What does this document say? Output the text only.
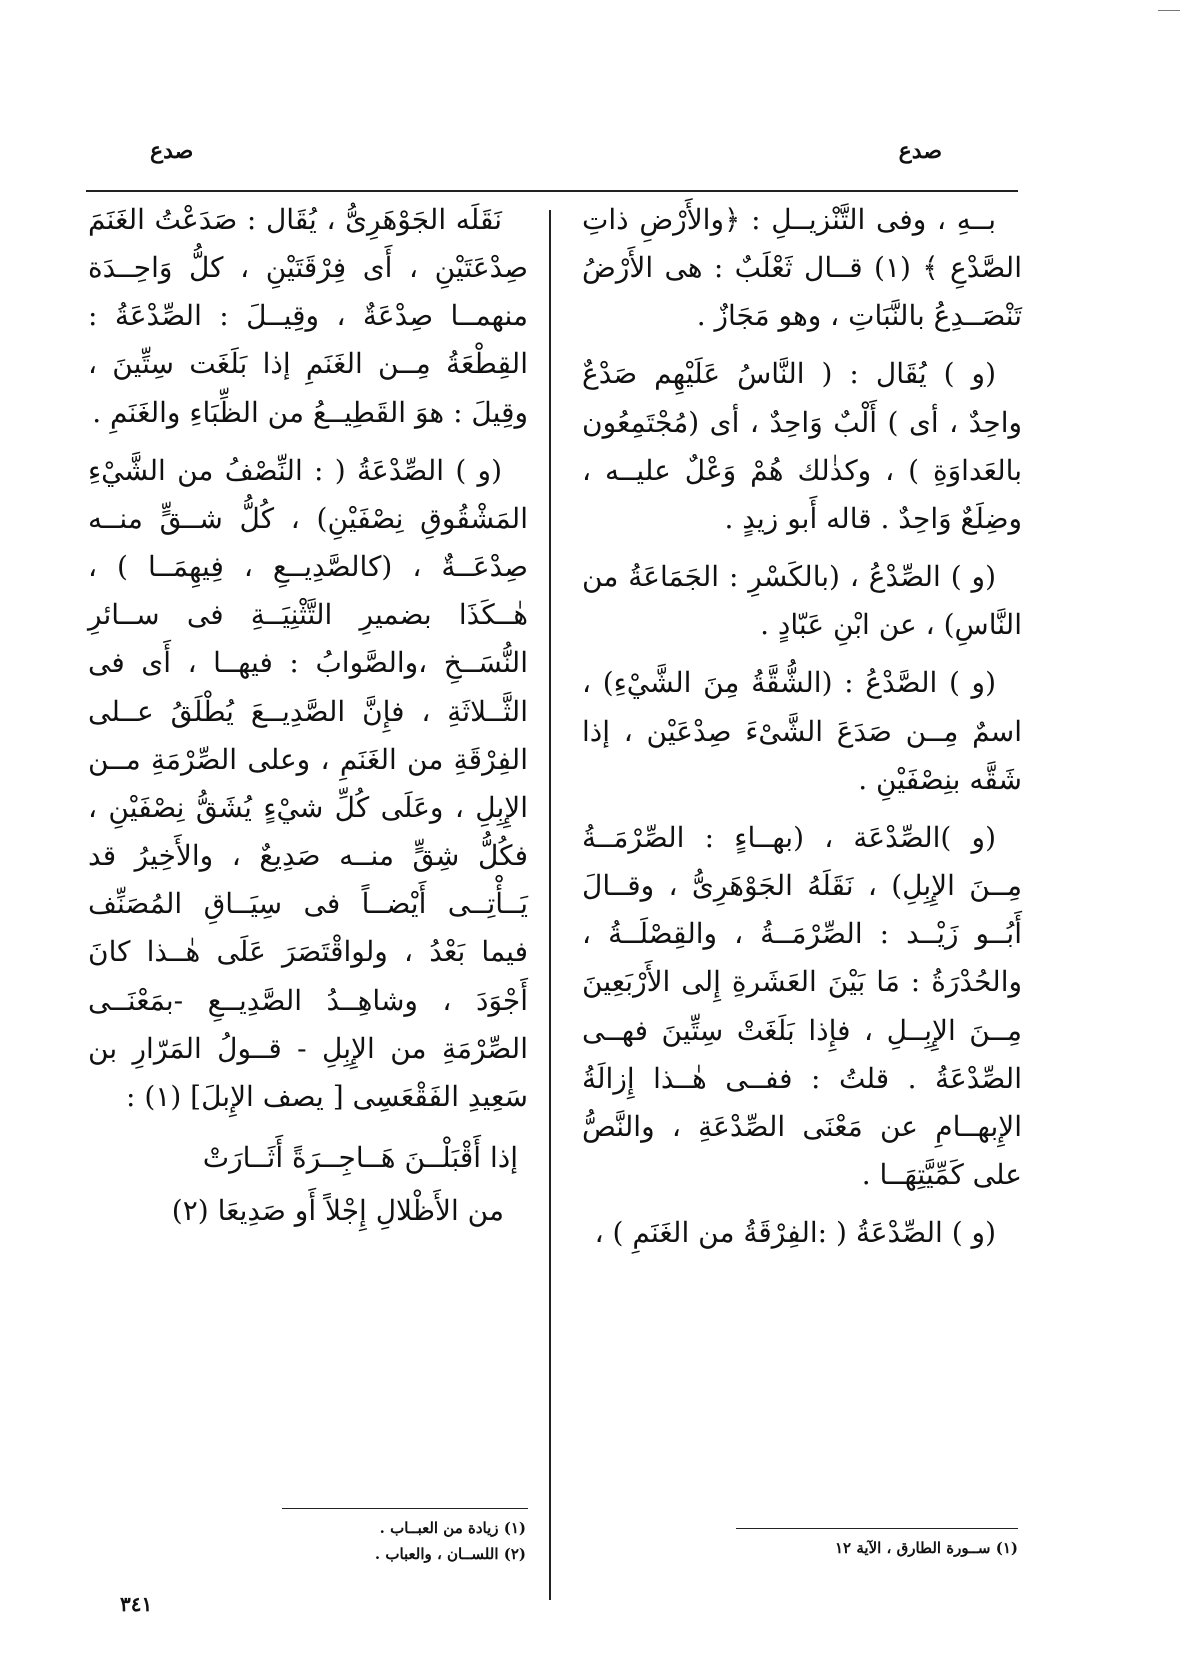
صدع
صدع

بــهِ ، وفى التَّنْزيــلِ : ﴿والأَرْضِ ذاتِ الصَّدْعِ ﴾ (١) قــال ثَعْلَبٌ : هى الأَرْضُ تَنْصَــدِعُ بالنَّبَاتِ ، وهو مَجَازٌ .

(و ) يُقَال : ( النَّاسُ عَلَيْهِم صَدْعٌ واحِدٌ ، أى ) أَلْبٌ وَاحِدٌ ، أى (مُجْتَمِعُون بالعَداوَةِ ) ، وكذٰلك هُمْ وَعْلٌ عليــه ، وضِلَعٌ وَاحِدٌ . قاله أَبو زيدٍ .

(و ) الصِّدْعُ ، (بالكَسْرِ : الجَمَاعَةُ من النَّاسِ) ، عن ابْنِ عَبّادٍ .

(و ) الصَّدْعُ : (الشُّقَّةُ مِنَ الشَّيْءِ) ، اسمٌ مِــن صَدَعَ الشَّىْءَ صِدْعَيْن ، إذا شَقَّه بنِصْفَيْنِ .

(و )الصِّدْعَة ، (بهــاءٍ : الصِّرْمَــةُ مِــنَ الإِبِلِ) ، نَقَلَهُ الجَوْهَرِىُّ ، وقــالَ أَبُــو زَيْــد : الصِّرْمَــةُ ، والقِصْلَــةُ ، والحُدْرَةُ : مَا بَيْنَ العَشَرةِ إِلى الأَرْبَعِينَ مِــنَ الإِبِــلِ ، فإِذا بَلَغَتْ سِتِّينَ فهــى الصِّدْعَةُ . قلتُ : ففــى هٰــذا إِزالَةُ الإِبهــامِ عن مَعْنَى الصِّدْعَةِ ، والنَّصُّ على كَمِّيَّتِهَــا .

(و ) الصِّدْعَةُ ( :الفِرْقَةُ من الغَنَمِ ) ،

(١) ســورة الطارق ، الآية ١٢

نَقَلَه الجَوْهَرِىُّ ، يُقَال : صَدَعْتُ الغَنَمَ صِدْعَتَيْنِ ، أَى فِرْقَتَيْنِ ، كلُّ وَاحِــدَة منهمــا صِدْعَةٌ ، وقِيــلَ : الصِّدْعَةُ : القِطْعَةُ مِــن الغَنَمِ إذا بَلَغَت سِتِّينَ ، وقِيلَ : هوَ القَطِيــعُ من الظِّبَاءِ والغَنَمِ .

(و ) الصِّدْعَةُ ( : النِّصْفُ من الشَّيْءِ المَشْقُوقِ نِصْفَيْنِ) ، كُلُّ شــقٍّ منــه صِدْعَــةٌ ، (كالصَّدِيــعِ ، فِيهِمَــا ) ، هٰــكَذَا بضميرِ التَّثْنِيَــةِ فى ســائرِ النُّسَــخِ ،والصَّوابُ : فيهــا ، أَى فى الثَّــلاثَةِ ، فإِنَّ الصَّدِيــعَ يُطْلَقُ عــلى الفِرْقَةِ من الغَنَمِ ، وعلى الصِّرْمَةِ مــن الإِبِلِ ، وعَلَى كُلِّ شيْءٍ يُشَقُّ نِصْفَيْنِ ، فكُلُّ شِقٍّ منــه صَدِيعٌ ، والأَخِيرُ قد يَــأْتِــى أَيْضــاً فى سِيَــاقِ المُصَنِّف فيما بَعْدُ ، ولواقْتَصَرَ عَلَى هٰــذا كانَ أَجْوَدَ ، وشاهِــدُ الصَّدِيــعِ -بمَعْنَــى الصِّرْمَةِ من الإِبِلِ - قــولُ المَرّارِ بن سَعِيدِ الفَقْعَسِى [ يصف الإِبلَ] (١) :

إذا أَقْبَلْــنَ هَــاجِــرَةً أَثَــارَتْ
من الأَظْلالِ إِجْلاً أَو صَدِيعَا (٢)
(١) زيادة من العبــاب .
(٢) اللســان ، والعباب .
٣٤١
